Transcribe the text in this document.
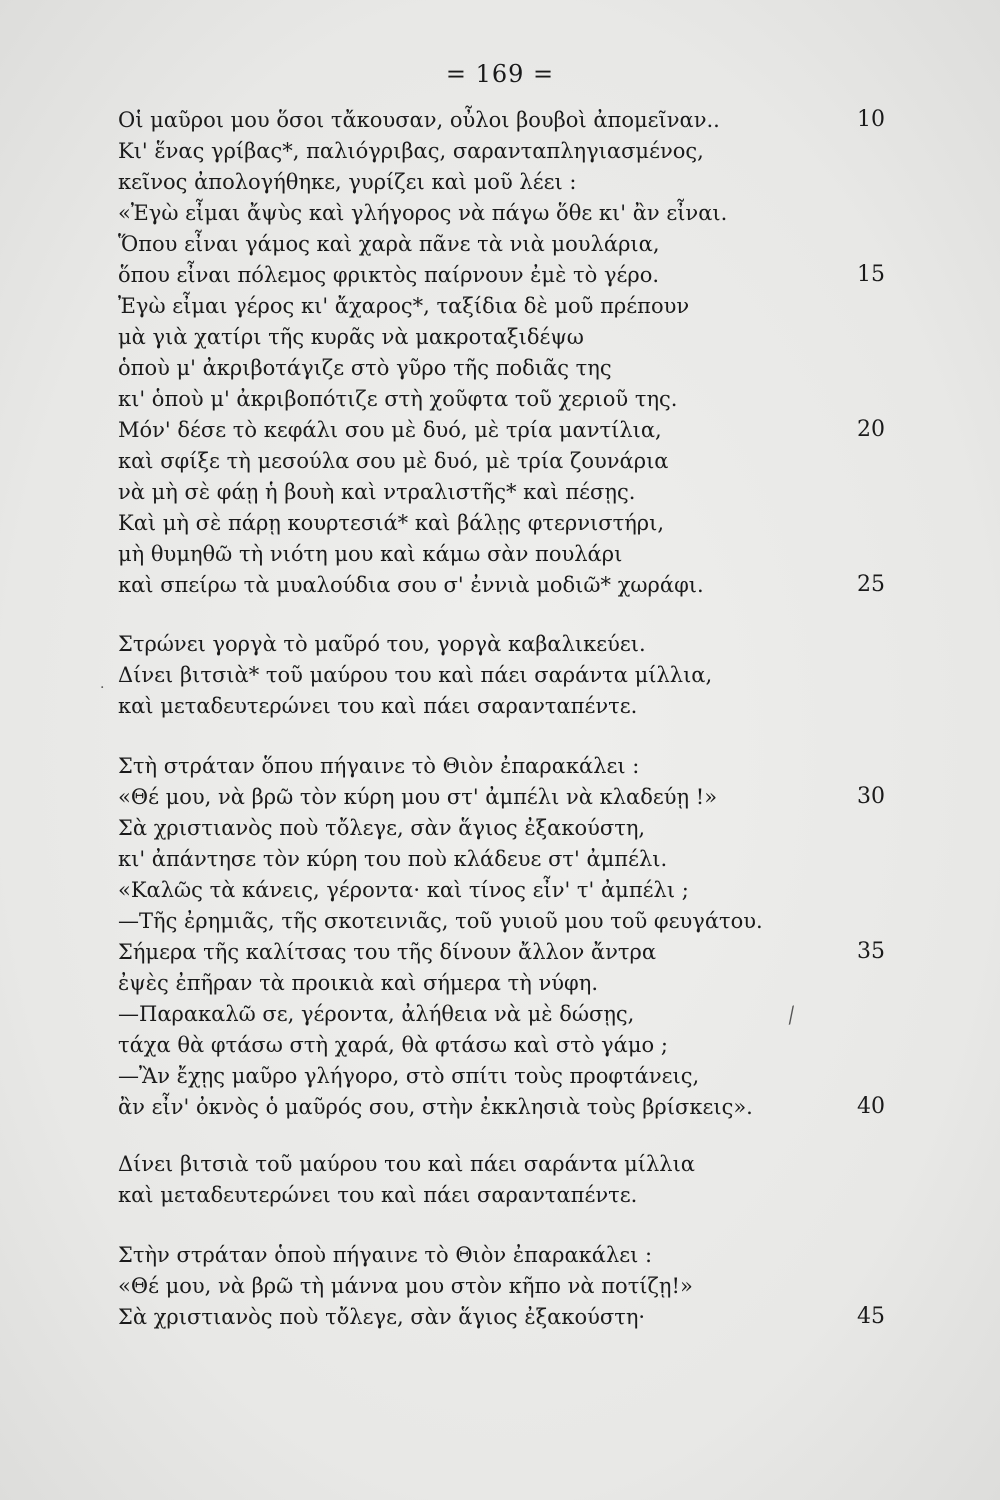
= 169 =
Οἱ μαῦροι μου ὅσοι τἄκουσαν, οὖλοι βουβοὶ ἀπομεῖναν..	10
Κι' ἕνας γρίβας*, παλιόγριβας, σαρανταπληγιασμένος,
κεῖνος ἀπολογήθηκε, γυρίζει καὶ μοῦ λέει :
«Ἐγὼ εἶμαι ἄψὺς καὶ γλήγορος νὰ πάγω ὅθε κι' ἂν εἶναι.
Ὅπου εἶναι γάμος καὶ χαρὰ πᾶνε τὰ νιὰ μουλάρια,
ὅπου εἶναι πόλεμος φρικτὸς παίρνουν ἐμὲ τὸ γέρο.	15
Ἐγὼ εἶμαι γέρος κι' ἄχαρος*, ταξίδια δὲ μοῦ πρέπουν
μὰ γιὰ χατίρι τῆς κυρᾶς νὰ μακροταξιδέψω
ὁποὺ μ' ἀκριβοτάγιζε στὸ γῦρο τῆς ποδιᾶς της
κι' ὁποὺ μ' ἀκριβοπότιζε στὴ χοῦφτα τοῦ χεριοῦ της.
Μόν' δέσε τὸ κεφάλι σου μὲ δυό, μὲ τρία μαντίλια,	20
καὶ σφίξε τὴ μεσούλα σου μὲ δυό, μὲ τρία ζουνάρια
νὰ μὴ σὲ φάῃ ἡ βουὴ καὶ ντραλιστῆς* καὶ πέσῃς.
Καὶ μὴ σὲ πάρῃ κουρτεσιά* καὶ βάλῃς φτερνιστήρι,
μὴ θυμηθῶ τὴ νιότη μου καὶ κάμω σὰν πουλάρι
καὶ σπείρω τὰ μυαλούδια σου σ' ἐννιὰ μοδιῶ* χωράφι.	25
Στρώνει γοργὰ τὸ μαῦρό του, γοργὰ καβαλικεύει.
Δίνει βιτσιὰ* τοῦ μαύρου του καὶ πάει σαράντα μίλλια,
καὶ μεταδευτερώνει του καὶ πάει σαρανταπέντε.
Στὴ στράταν ὅπου πήγαινε τὸ Θιὸν ἐπαρακάλει :
«Θέ μου, νὰ βρῶ τὸν κύρη μου στ' ἀμπέλι νὰ κλαδεύῃ !»	30
Σὰ χριστιανὸς ποὺ τὄλεγε, σὰν ἅγιος ἐξακούστη,
κι' ἀπάντησε τὸν κύρη του ποὺ κλάδευε στ' ἀμπέλι.
«Καλῶς τὰ κάνεις, γέροντα· καὶ τίνος εἶν' τ' ἀμπέλι ;
—Τῆς ἐρημιᾶς, τῆς σκοτεινιᾶς, τοῦ γυιοῦ μου τοῦ φευγάτου.
Σήμερα τῆς καλίτσας του τῆς δίνουν ἄλλον ἄντρα	35
ἐψὲς ἐπῆραν τὰ προικιὰ καὶ σήμερα τὴ νύφη.
—Παρακαλῶ σε, γέροντα, ἀλήθεια νὰ μὲ δώσῃς,
τάχα θὰ φτάσω στὴ χαρά, θὰ φτάσω καὶ στὸ γάμο ;
—Ἂν ἔχῃς μαῦρο γλήγορο, στὸ σπίτι τοὺς προφτάνεις,
ἂν εἶν' ὀκνὸς ὁ μαῦρός σου, στὴν ἐκκλησιὰ τοὺς βρίσκεις».	40
Δίνει βιτσιὰ τοῦ μαύρου του καὶ πάει σαράντα μίλλια
καὶ μεταδευτερώνει του καὶ πάει σαρανταπέντε.
Στὴν στράταν ὁποὺ πήγαινε τὸ Θιὸν ἐπαρακάλει :
«Θέ μου, νὰ βρῶ τὴ μάννα μου στὸν κῆπο νὰ ποτίζῃ!»
Σὰ χριστιανὸς ποὺ τὄλεγε, σὰν ἅγιος ἐξακούστη·	45
·
⁄
